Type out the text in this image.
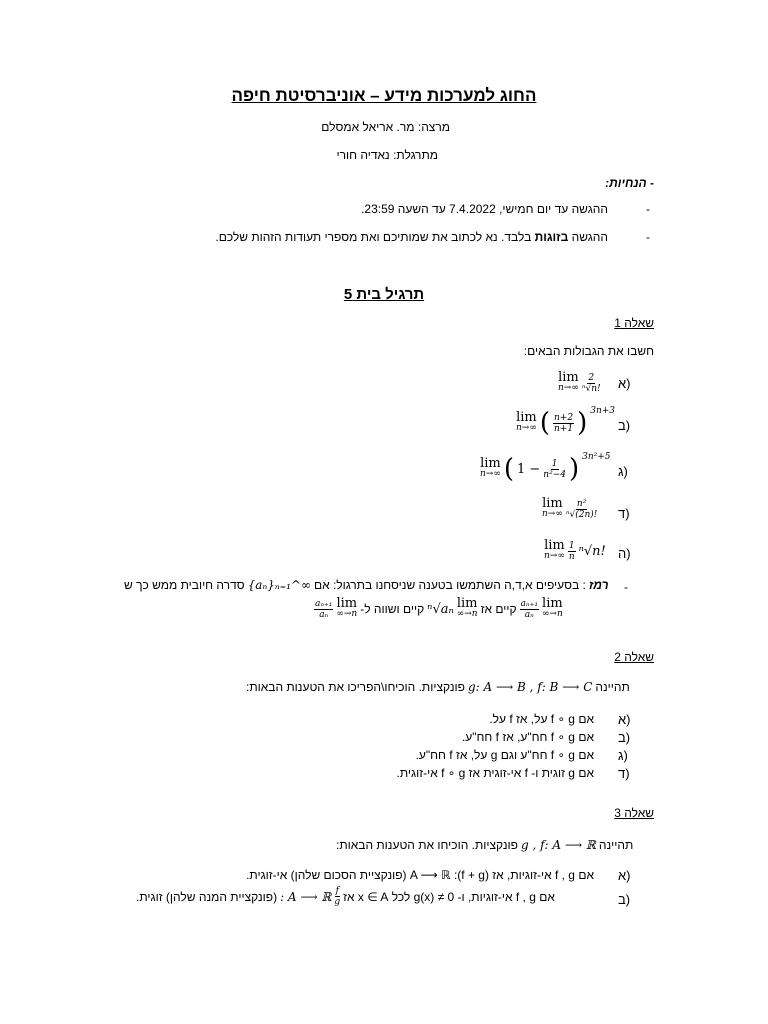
החוג למערכות מידע – אוניברסיטת חיפה
מרצה: מר. אריאל אמסלם
מתרגלת: נאדיה חורי
- הנחיות:
-
ההגשה עד יום חמישי, 7.4.2022 עד השעה 23:59.
-
ההגשה בזוגות בלבד. נא לכתוב את שמותיכם ואת מספרי תעודות הזהות שלכם.
תרגיל בית 5
שאלה 1
חשבו את הגבולות הבאים:
א)
lim
$n\to\infty \frac{2}{\text{ⁿ√n!}}$
ב)
lim
n→∞ ( $\frac{n+2}{n+1}$ ) 3n+3
ג)
lim
n→∞ ( $1 - \frac{1}{\text{n²−4}}$ ) 3n²+5
ד)
lim
$n\to\infty \frac{\text{n²}}{\text{ⁿ√(2n)!}}$
ה)
lim
$n\to\infty \frac{1}{n} ^n√n$!
-
רמז
: בסעיפים א,ד,ה השתמשו בטענה שניסחנו בתרגול: אם
{aₙ}ₙ₌₁^∞
סדרה חיובית ממש כך ש
lim
n→∞
$\frac{\text{aₙ₊₁}}{\text{aₙ}}$
קיים אז
lim
n→∞
ⁿ√aₙ
קיים ושווה ל-
lim
n→∞
$\frac{\text{aₙ₊₁}}{\text{aₙ}}$
שאלה 2
תהיינה
g: A ⟶ B , f: B ⟶ C
פונקציות. הוכיחו\הפריכו את הטענות הבאות:
א)
אם f ∘ g על, אז f על.
ב)
אם f ∘ g חח"ע, אז f חח"ע.
ג)
אם f ∘ g חח"ע וגם g על, אז f חח"ע.
ד)
אם g זוגית ו- f אי-זוגית אז f ∘ g אי-זוגית.
שאלה 3
תהיינה
g , f: A ⟶ ℝ
פונקציות. הוכיחו את הטענות הבאות:
א)
אם f , g אי-זוגיות, אז (f + g): A ⟶ ℝ (פונקציית הסכום שלהן) אי-זוגית.
ב)
אם f , g אי-זוגיות, ו- g(x) ≠ 0 לכל x ∈ A אז
$\frac{f}{g}$
: A ⟶ ℝ
(פונקציית המנה שלהן) זוגית.
